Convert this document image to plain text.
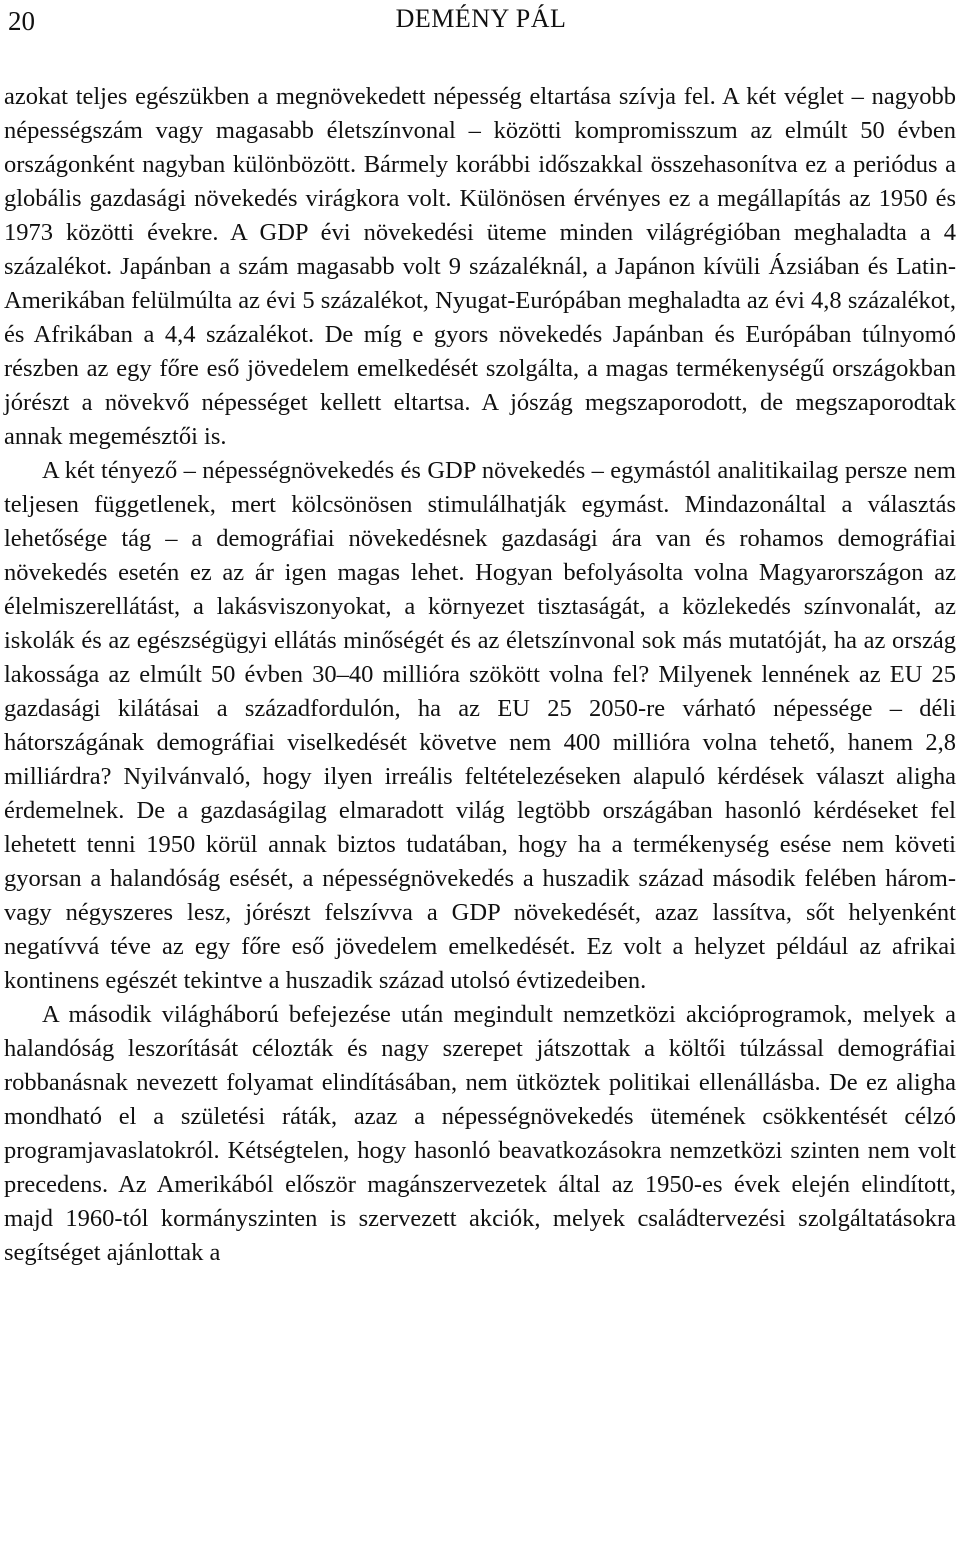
20	DEMÉNY PÁL

azokat teljes egészükben a megnövekedett népesség eltartása szívja fel. A két véglet – nagyobb népességszám vagy magasabb életszínvonal – közötti kompromisszum az elmúlt 50 évben országonként nagyban különbözött. Bármely korábbi időszakkal összehasonítva ez a periódus a globális gazdasági növekedés virágkora volt. Különösen érvényes ez a megállapítás az 1950 és 1973 közötti évekre. A GDP évi növekedési üteme minden világrégióban meghaladta a 4 százalékot. Japánban a szám magasabb volt 9 százaléknál, a Japánon kívüli Ázsiában és Latin-Amerikában felülmúlta az évi 5 százalékot, Nyugat-Európában meghaladta az évi 4,8 százalékot, és Afrikában a 4,4 százalékot. De míg e gyors növekedés Japánban és Európában túlnyomó részben az egy főre eső jövedelem emelkedését szolgálta, a magas termékenységű országokban jórészt a növekvő népességet kellett eltartsa. A jószág megszaporodott, de megszaporodtak annak megemésztői is.

A két tényező – népességnövekedés és GDP növekedés – egymástól analitikailag persze nem teljesen függetlenek, mert kölcsönösen stimulálhatják egymást. Mindazonáltal a választás lehetősége tág – a demográfiai növekedésnek gazdasági ára van és rohamos demográfiai növekedés esetén ez az ár igen magas lehet. Hogyan befolyásolta volna Magyarországon az élelmiszerellátást, a lakásviszonyokat, a környezet tisztaságát, a közlekedés színvonalát, az iskolák és az egészségügyi ellátás minőségét és az életszínvonal sok más mutatóját, ha az ország lakossága az elmúlt 50 évben 30–40 millióra szökött volna fel? Milyenek lennének az EU 25 gazdasági kilátásai a századfordulón, ha az EU 25 2050-re várható népessége – déli hátországának demográfiai viselkedését követve nem 400 millióra volna tehető, hanem 2,8 milliárdra? Nyilvánvaló, hogy ilyen irreális feltételezéseken alapuló kérdések választ aligha érdemelnek. De a gazdaságilag elmaradott világ legtöbb országában hasonló kérdéseket fel lehetett tenni 1950 körül annak biztos tudatában, hogy ha a termékenység esése nem követi gyorsan a halandóság esését, a népességnövekedés a huszadik század második felében három- vagy négyszeres lesz, jórészt felszívva a GDP növekedését, azaz lassítva, sőt helyenként negatívvá téve az egy főre eső jövedelem emelkedését. Ez volt a helyzet például az afrikai kontinens egészét tekintve a huszadik század utolsó évtizedeiben.

A második világháború befejezése után megindult nemzetközi akcióprogramok, melyek a halandóság leszorítását célozták és nagy szerepet játszottak a költői túlzással demográfiai robbanásnak nevezett folyamat elindításában, nem ütköztek politikai ellenállásba. De ez aligha mondható el a születési ráták, azaz a népességnövekedés ütemének csökkentését célzó programjavaslatokról. Kétségtelen, hogy hasonló beavatkozásokra nemzetközi szinten nem volt precedens. Az Amerikából először magánszervezetek által az 1950-es évek elején elindított, majd 1960-tól kormányszinten is szervezett akciók, melyek családtervezési szolgáltatásokra segítséget ajánlottak a
